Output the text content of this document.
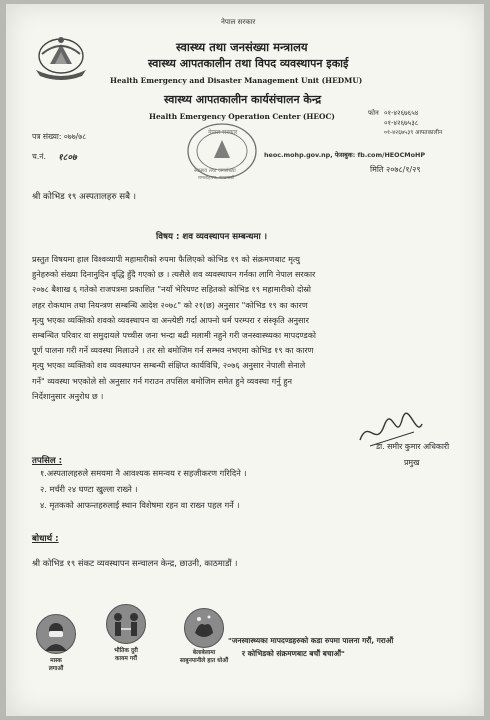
नेपाल सरकार
स्वास्थ्य तथा जनसंख्या मन्त्रालय
स्वास्थ्य आपतकालीन तथा विपद व्यवस्थापन इकाई
Health Emergency and Disaster Management Unit (HEDMU)
स्वास्थ्य आपतकालीन कार्यसंचालन केन्द्र
Health Emergency Operation Center (HEOC)	फोन ०१-४२६७६५४
०१-४२६७५३८
०१-४२६७५३९ आपतकालीन
नेपाल सरकार
स्वास्थ्य तथा जनसंख्या
रामशाहपथ, काठमाडौं
पत्र संख्या: ०७७/७८
च.नं. १८०७	heoc.mohp.gov.np, फेसबुक: fb.com/HEOCMoHP
मिति २०७८/१/२९
श्री कोभिड १९ अस्पतालहरु सबै ।
विषय : शव व्यवस्थापन सम्बन्धमा ।
प्रस्तुत विषयमा हाल विश्वव्यापी महामारीको रुपमा फैलिएको कोभिड १९ को संक्रमणबाट मृत्यु
हुनेहरुको संख्या दिनानुदिन वृद्धि हुँदै गएको छ । त्यसैले शव व्यवस्थापन गर्नका लागि नेपाल सरकार
२०७८ बैशाख ६ गतेको राजपत्रमा प्रकाशित "नयाँ भेरियण्ट सहितको कोभिड १९ महामारीको दोस्रो
लहर रोकथाम तथा नियन्त्रण सम्बन्धि आदेश २०७८" को २१(छ) अनुसार "कोभिड १९ का कारण
मृत्यु भएका व्यक्तिको शवको व्यवस्थापन वा अन्त्येष्टी गर्दा आफ्नो धर्म परम्परा र संस्कृति अनुसार
सम्बन्धित परिवार वा समुदायले पच्चीस जना भन्दा बढी मलामी नहुने गरी जनस्वास्थ्यका मापदण्डको
पूर्ण पालना गरी गर्ने व्यवस्था मिलाउने । तर सो बमोजिम गर्न सम्भव नभएमा कोभिड १९ का कारण
मृत्यु भएका व्यक्तिको शव व्यवस्थापन सम्बन्धी संक्षिप्त कार्यविधि, २०७६ अनुसार नेपाली सेनाले
गर्ने" व्यवस्था भएकोले सो अनुसार गर्न गराउन तपसिल बमोजिम समेत हुने व्यवस्था गर्नु हुन
निर्देशानुसार अनुरोध छ ।
डा. समीर कुमार अधिकारी
प्रमुख
तपसिल :
१.अस्पतालहरुले समयमा नै आवश्यक समन्वय र सहजीकरण गरिदिने ।
२. मर्चरी २४ घण्टा खुल्ला राख्ने ।
४. मृतकको आफन्तहरुलाई स्थान विशेषमा रहन वा राख्न पहल गर्ने ।
बोधार्थ :
श्री कोभिड १९ संकट व्यवस्थापन सन्चालन केन्द्र, छाउनी, काठमाडौं ।
मास्क
लगाऔं
भौतिक दुरी
कायम गरौं
बेलाबेलामा
साबुनपानीले हात धोऔं
"जनस्वास्थ्यका मापदण्डहरुको कडा रुपमा पालना गरौं, गराऔं
र कोभिडको संक्रमणबाट बचौं बचाऔं"
